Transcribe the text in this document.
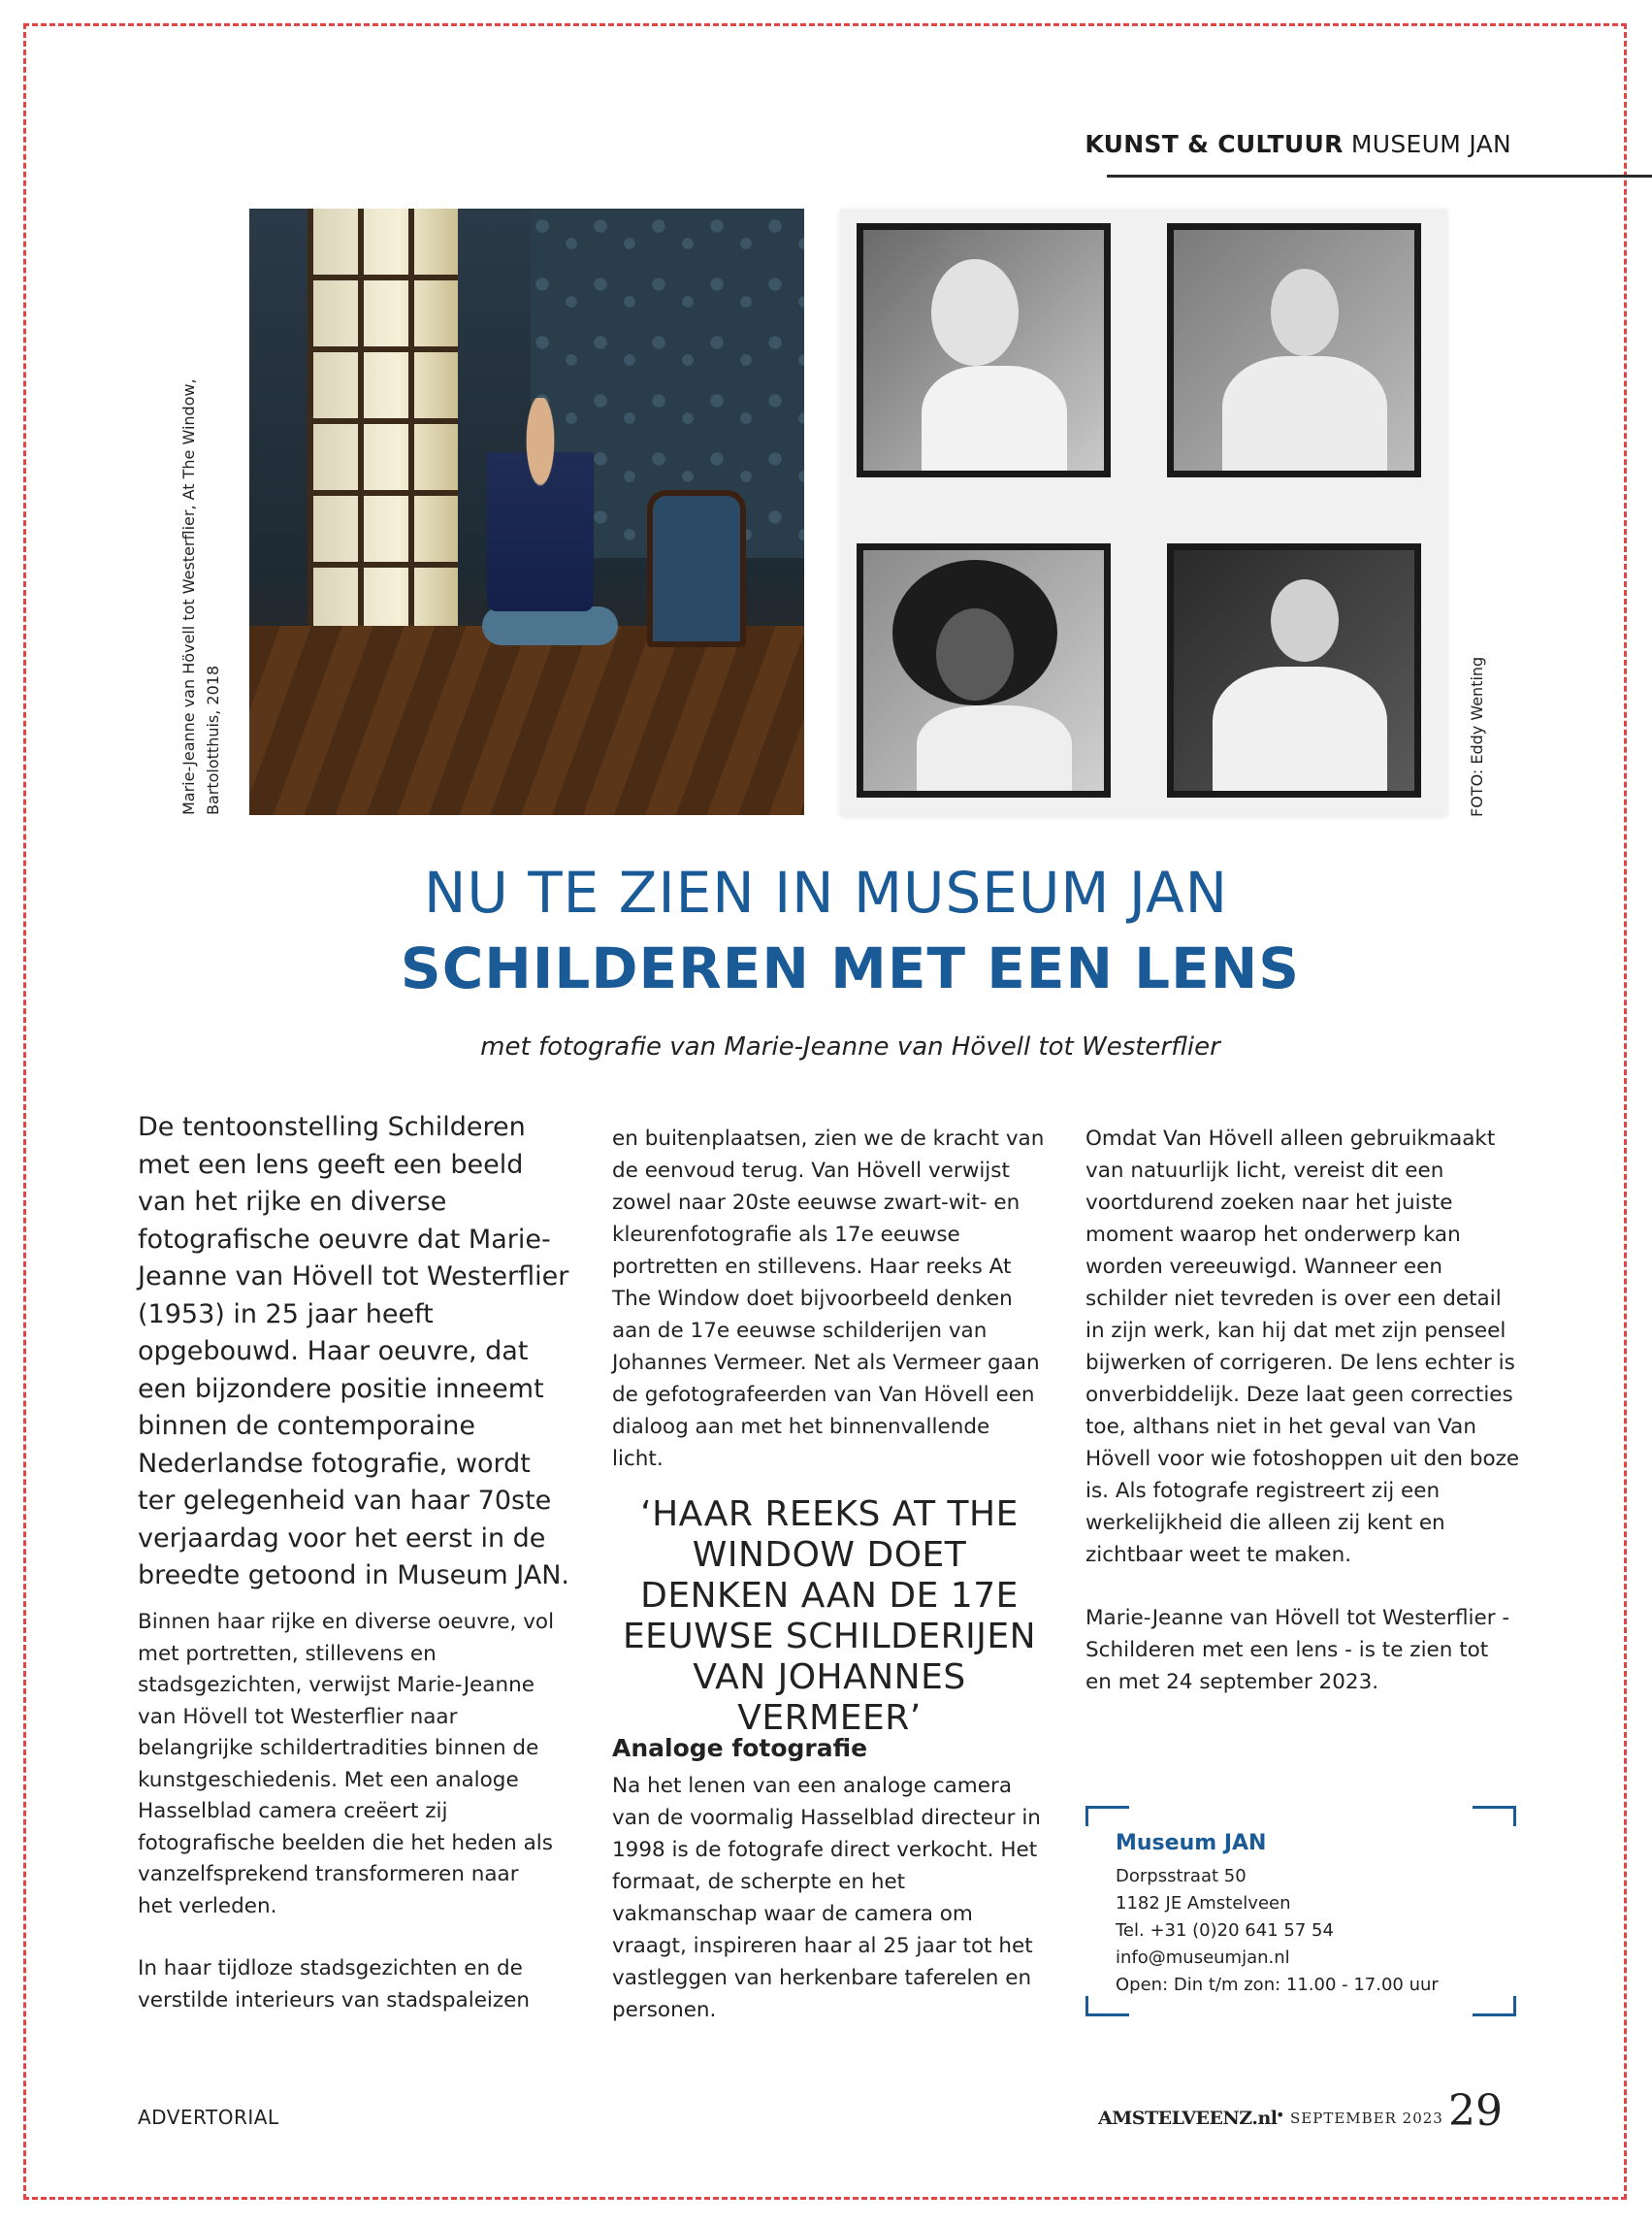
KUNST & CULTUUR MUSEUM JAN
Marie-Jeanne van Hövell tot Westerflier, At The Window, Bartolotthuis, 2018	FOTO: Eddy Wenting
NU TE ZIEN IN MUSEUM JAN
SCHILDEREN MET EEN LENS
met fotografie van Marie-Jeanne van Hövell tot Westerflier
De tentoonstelling Schilderen met een lens geeft een beeld van het rijke en diverse fotografische oeuvre dat Marie-Jeanne van Hövell tot Westerflier (1953) in 25 jaar heeft opgebouwd. Haar oeuvre, dat een bijzondere positie inneemt binnen de contemporaine Nederlandse fotografie, wordt ter gelegenheid van haar 70ste verjaardag voor het eerst in de breedte getoond in Museum JAN.

Binnen haar rijke en diverse oeuvre, vol met portretten, stillevens en stadsgezichten, verwijst Marie-Jeanne van Hövell tot Westerflier naar belangrijke schildertradities binnen de kunstgeschiedenis. Met een analoge Hasselblad camera creëert zij fotografische beelden die het heden als vanzelfsprekend transformeren naar het verleden.

In haar tijdloze stadsgezichten en de verstilde interieurs van stadspaleizen

en buitenplaatsen, zien we de kracht van de eenvoud terug. Van Hövell verwijst zowel naar 20ste eeuwse zwart-wit- en kleurenfotografie als 17e eeuwse portretten en stillevens. Haar reeks At The Window doet bijvoorbeeld denken aan de 17e eeuwse schilderijen van Johannes Vermeer. Net als Vermeer gaan de gefotografeerden van Van Hövell een dialoog aan met het binnenvallende licht.

‘HAAR REEKS AT THE WINDOW DOET DENKEN AAN DE 17E EEUWSE SCHILDERIJEN VAN JOHANNES VERMEER’
Analoge fotografie

Na het lenen van een analoge camera van de voormalig Hasselblad directeur in 1998 is de fotografe direct verkocht. Het formaat, de scherpte en het vakmanschap waar de camera om vraagt, inspireren haar al 25 jaar tot het vastleggen van herkenbare taferelen en personen.

Omdat Van Hövell alleen gebruikmaakt van natuurlijk licht, vereist dit een voortdurend zoeken naar het juiste moment waarop het onderwerp kan worden vereeuwigd. Wanneer een schilder niet tevreden is over een detail in zijn werk, kan hij dat met zijn penseel bijwerken of corrigeren. De lens echter is onverbiddelijk. Deze laat geen correcties toe, althans niet in het geval van Van Hövell voor wie fotoshoppen uit den boze is. Als fotografe registreert zij een werkelijkheid die alleen zij kent en zichtbaar weet te maken.

Marie-Jeanne van Hövell tot Westerflier - Schilderen met een lens - is te zien tot en met 24 september 2023.

Museum JAN
Dorpsstraat 50
1182 JE Amstelveen
Tel. +31 (0)20 641 57 54
info@museumjan.nl
Open: Din t/m zon: 11.00 - 17.00 uur
ADVERTORIAL	AMSTELVEENZ.nl
• SEPTEMBER 2023 29
